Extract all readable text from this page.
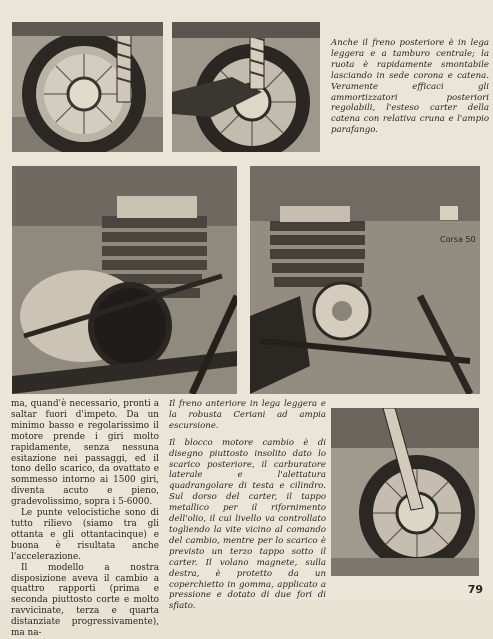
Anche il freno posteriore è in lega leggera e a tamburo centrale; la ruota è rapidamente smontabile lasciando in sede corona e catena. Veramente efficaci gli ammortizzatori posteriori regolabili, l'esteso carter della catena con relativa cruna e l'ampio parafango.

Corsa 50

ma, quand'è necessario, pronti a saltar fuori d'impeto. Da un minimo basso e regolarissimo il motore prende i giri molto rapidamente, senza nessuna esitazione nei passaggi, ed il tono dello scarico, da ovattato e sommesso intorno ai 1500 giri, diventa acuto e pieno, gradevolissimo, sopra i 5-6000.

Le punte velocistiche sono di tutto rilievo (siamo tra gli ottanta e gli ottantacinque) e buona è risultata anche l'accelerazione.

Il modello a nostra disposizione aveva il cambio a quattro rapporti (prima e seconda piuttosto corte e molto ravvicinate, terza e quarta distanziate progressivamente), ma na-

Il freno anteriore in lega leggera e la robusta Ceriani ad ampia escursione.

Il blocco motore cambio è di disegno piuttosto insolito dato lo scarico posteriore, il carburatore laterale e l'alettatura quadrangolare di testa e cilindro. Sul dorso del carter, il tappo metallico per il rifornimento dell'olio, il cui livello va controllato togliendo la vite vicino al comando del cambio, mentre per lo scarico è previsto un terzo tappo sotto il carter. Il volano magnete, sulla destra, è protetto da un coperchietto in gomma, applicato a pressione e dotato di due fori di sfiato.

79
